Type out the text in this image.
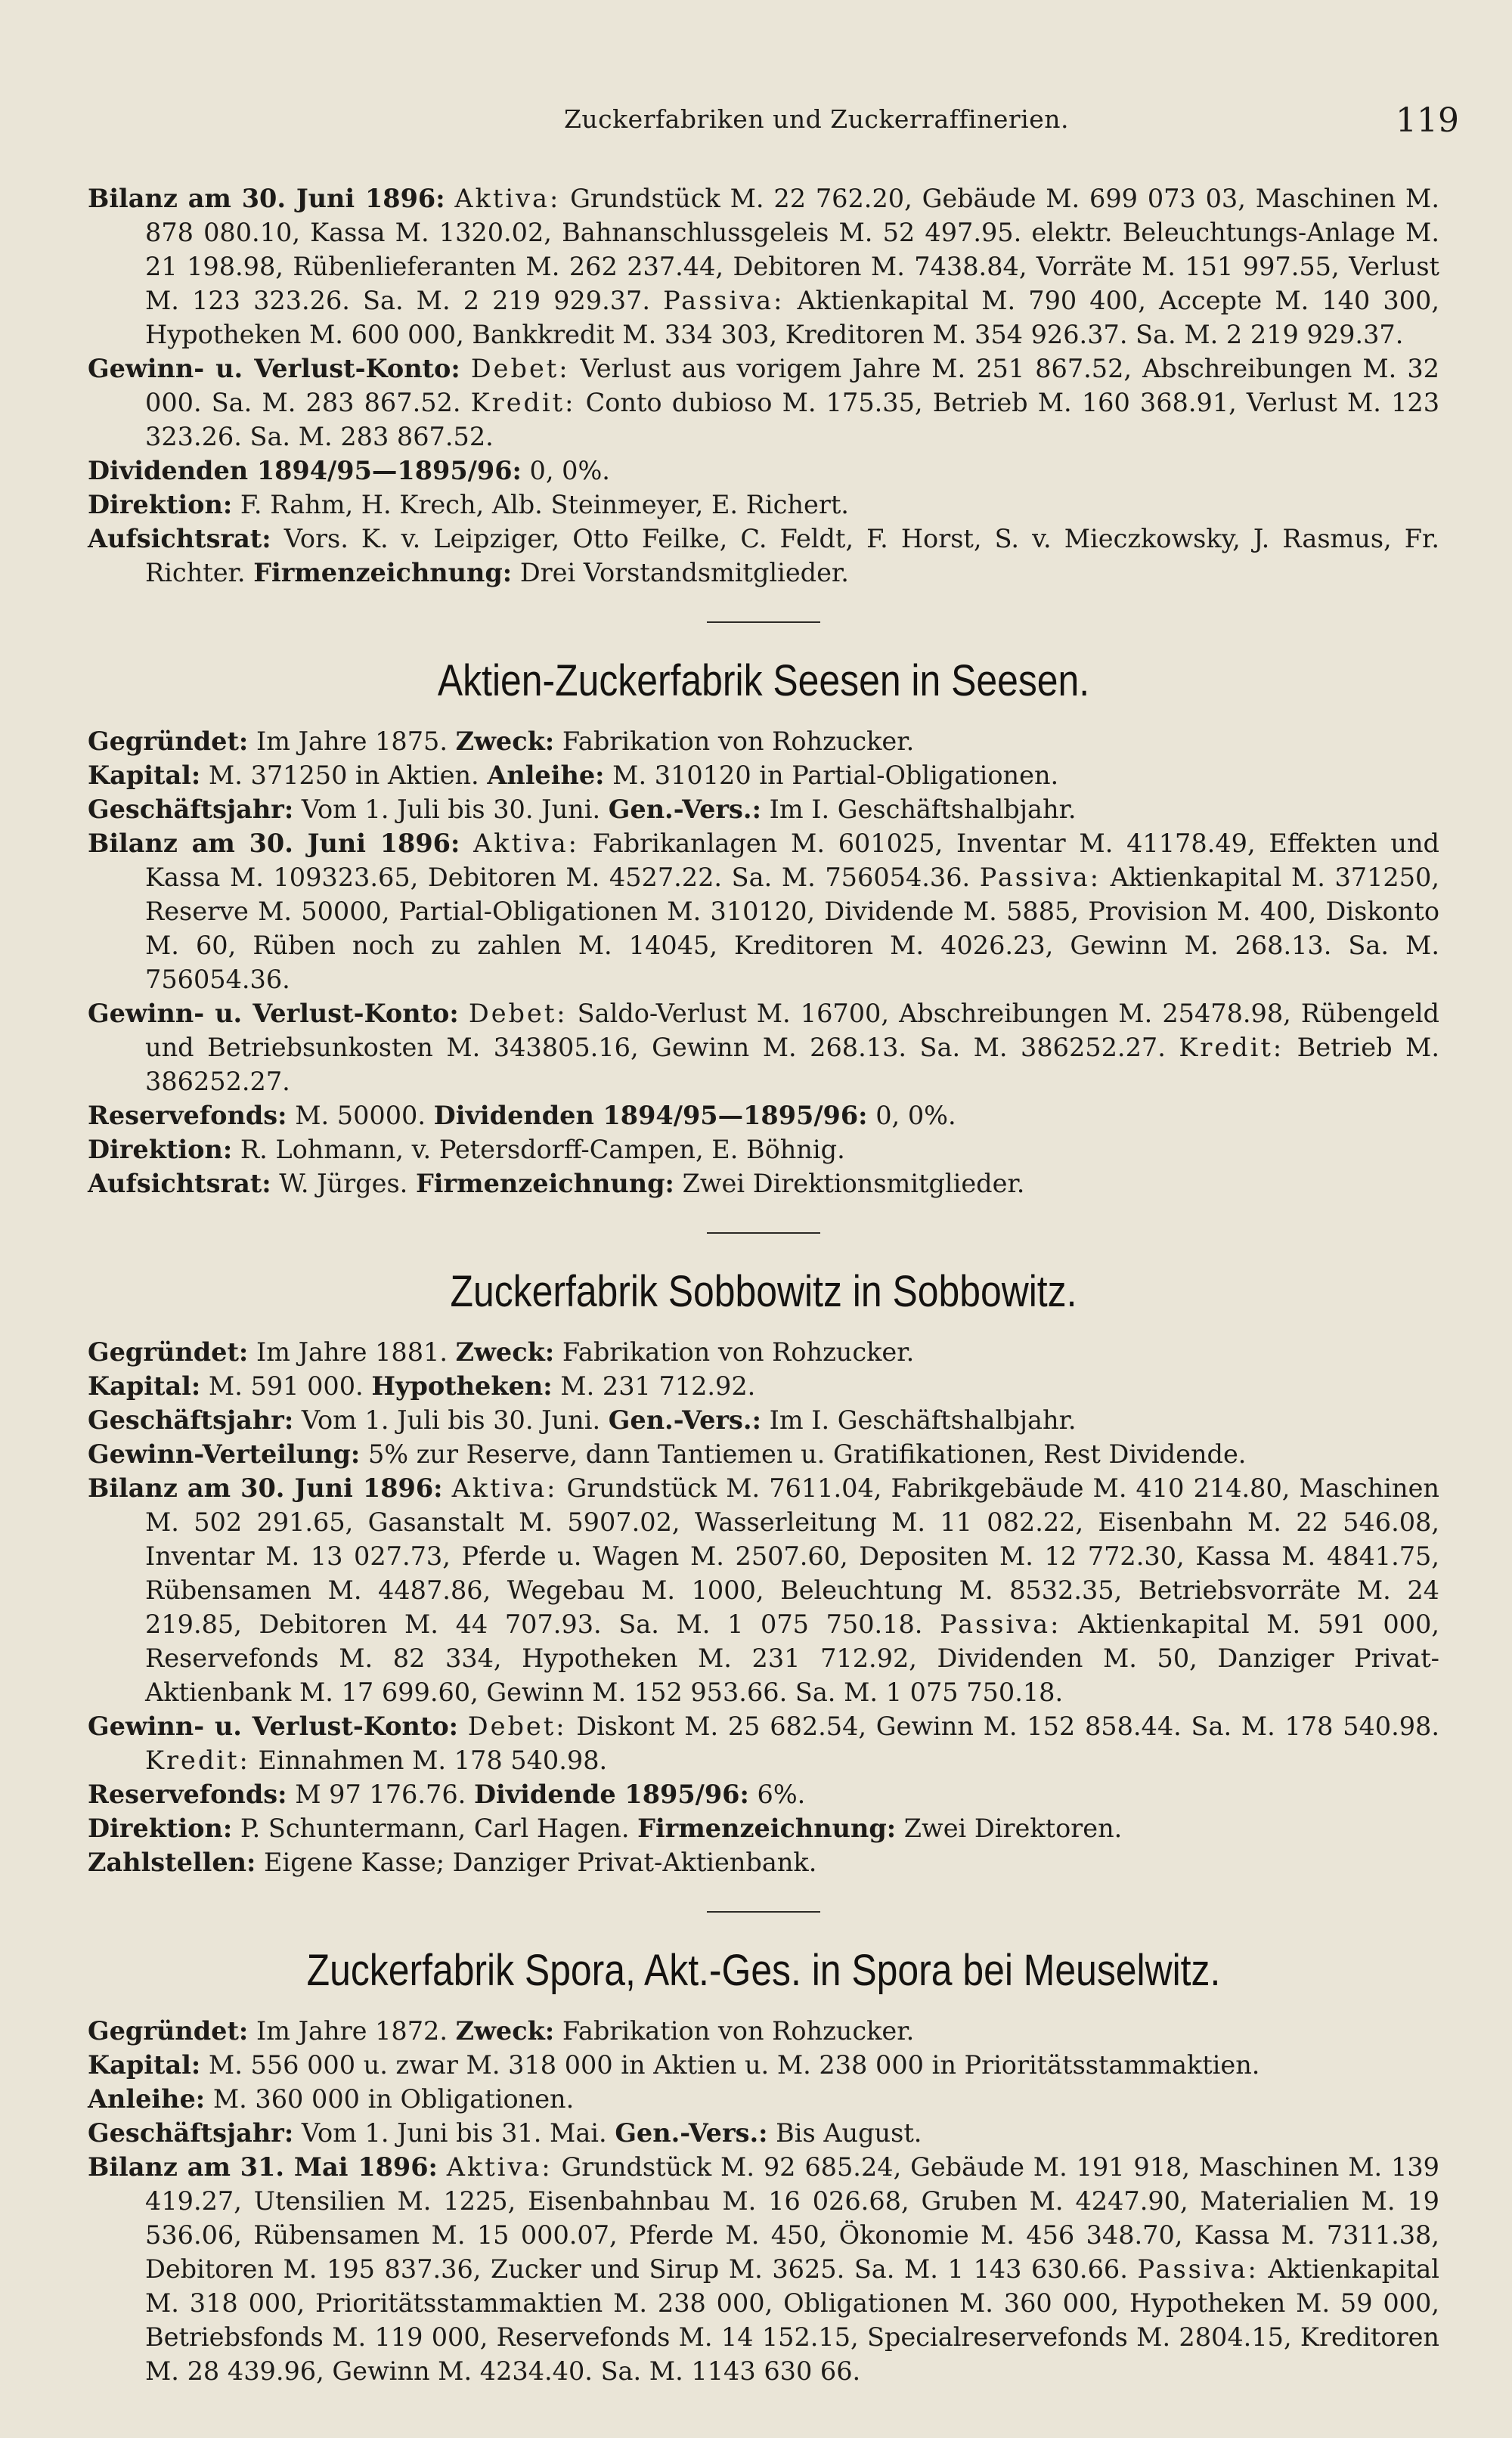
Zuckerfabriken und Zuckerraffinerien.	119

Bilanz am 30. Juni 1896: Aktiva: Grundstück M. 22 762.20, Gebäude M. 699 073 03, Maschinen M. 878 080.10, Kassa M. 1320.02, Bahnanschlussgeleis M. 52 497.95. elektr. Beleuchtungs-Anlage M. 21 198.98, Rübenlieferanten M. 262 237.44, Debitoren M. 7438.84, Vorräte M. 151 997.55, Verlust M. 123 323.26. Sa. M. 2 219 929.37. Passiva: Aktienkapital M. 790 400, Accepte M. 140 300, Hypotheken M. 600 000, Bankkredit M. 334 303, Kreditoren M. 354 926.37. Sa. M. 2 219 929.37.

Gewinn- u. Verlust-Konto: Debet: Verlust aus vorigem Jahre M. 251 867.52, Abschreibungen M. 32 000. Sa. M. 283 867.52. Kredit: Conto dubioso M. 175.35, Betrieb M. 160 368.91, Verlust M. 123 323.26. Sa. M. 283 867.52.

Dividenden 1894/95—1895/96: 0, 0%.

Direktion: F. Rahm, H. Krech, Alb. Steinmeyer, E. Richert.

Aufsichtsrat: Vors. K. v. Leipziger, Otto Feilke, C. Feldt, F. Horst, S. v. Mieczkowsky, J. Rasmus, Fr. Richter. Firmenzeichnung: Drei Vorstandsmitglieder.

Aktien-Zuckerfabrik Seesen in Seesen.

Gegründet: Im Jahre 1875. Zweck: Fabrikation von Rohzucker.

Kapital: M. 371250 in Aktien. Anleihe: M. 310120 in Partial-Obligationen.

Geschäftsjahr: Vom 1. Juli bis 30. Juni. Gen.-Vers.: Im I. Geschäftshalbjahr.

Bilanz am 30. Juni 1896: Aktiva: Fabrikanlagen M. 601025, Inventar M. 41178.49, Effekten und Kassa M. 109323.65, Debitoren M. 4527.22. Sa. M. 756054.36. Passiva: Aktienkapital M. 371250, Reserve M. 50000, Partial-Obligationen M. 310120, Dividende M. 5885, Provision M. 400, Diskonto M. 60, Rüben noch zu zahlen M. 14045, Kreditoren M. 4026.23, Gewinn M. 268.13. Sa. M. 756054.36.

Gewinn- u. Verlust-Konto: Debet: Saldo-Verlust M. 16700, Abschreibungen M. 25478.98, Rübengeld und Betriebsunkosten M. 343805.16, Gewinn M. 268.13. Sa. M. 386252.27. Kredit: Betrieb M. 386252.27.

Reservefonds: M. 50000. Dividenden 1894/95—1895/96: 0, 0%.

Direktion: R. Lohmann, v. Petersdorff-Campen, E. Böhnig.

Aufsichtsrat: W. Jürges. Firmenzeichnung: Zwei Direktionsmitglieder.

Zuckerfabrik Sobbowitz in Sobbowitz.

Gegründet: Im Jahre 1881. Zweck: Fabrikation von Rohzucker.

Kapital: M. 591 000. Hypotheken: M. 231 712.92.

Geschäftsjahr: Vom 1. Juli bis 30. Juni. Gen.-Vers.: Im I. Geschäftshalbjahr.

Gewinn-Verteilung: 5% zur Reserve, dann Tantiemen u. Gratifikationen, Rest Dividende.

Bilanz am 30. Juni 1896: Aktiva: Grundstück M. 7611.04, Fabrikgebäude M. 410 214.80, Maschinen M. 502 291.65, Gasanstalt M. 5907.02, Wasserleitung M. 11 082.22, Eisenbahn M. 22 546.08, Inventar M. 13 027.73, Pferde u. Wagen M. 2507.60, Depositen M. 12 772.30, Kassa M. 4841.75, Rübensamen M. 4487.86, Wegebau M. 1000, Beleuchtung M. 8532.35, Betriebsvorräte M. 24 219.85, Debitoren M. 44 707.93. Sa. M. 1 075 750.18. Passiva: Aktienkapital M. 591 000, Reservefonds M. 82 334, Hypotheken M. 231 712.92, Dividenden M. 50, Danziger Privat-Aktienbank M. 17 699.60, Gewinn M. 152 953.66. Sa. M. 1 075 750.18.

Gewinn- u. Verlust-Konto: Debet: Diskont M. 25 682.54, Gewinn M. 152 858.44. Sa. M. 178 540.98. Kredit: Einnahmen M. 178 540.98.

Reservefonds: M 97 176.76. Dividende 1895/96: 6%.

Direktion: P. Schuntermann, Carl Hagen. Firmenzeichnung: Zwei Direktoren.

Zahlstellen: Eigene Kasse; Danziger Privat-Aktienbank.

Zuckerfabrik Spora, Akt.-Ges. in Spora bei Meuselwitz.

Gegründet: Im Jahre 1872. Zweck: Fabrikation von Rohzucker.

Kapital: M. 556 000 u. zwar M. 318 000 in Aktien u. M. 238 000 in Prioritätsstammaktien.

Anleihe: M. 360 000 in Obligationen.

Geschäftsjahr: Vom 1. Juni bis 31. Mai. Gen.-Vers.: Bis August.

Bilanz am 31. Mai 1896: Aktiva: Grundstück M. 92 685.24, Gebäude M. 191 918, Maschinen M. 139 419.27, Utensilien M. 1225, Eisenbahnbau M. 16 026.68, Gruben M. 4247.90, Materialien M. 19 536.06, Rübensamen M. 15 000.07, Pferde M. 450, Ökonomie M. 456 348.70, Kassa M. 7311.38, Debitoren M. 195 837.36, Zucker und Sirup M. 3625. Sa. M. 1 143 630.66. Passiva: Aktienkapital M. 318 000, Prioritätsstammaktien M. 238 000, Obligationen M. 360 000, Hypotheken M. 59 000, Betriebsfonds M. 119 000, Reservefonds M. 14 152.15, Specialreservefonds M. 2804.15, Kreditoren M. 28 439.96, Gewinn M. 4234.40. Sa. M. 1143 630 66.
